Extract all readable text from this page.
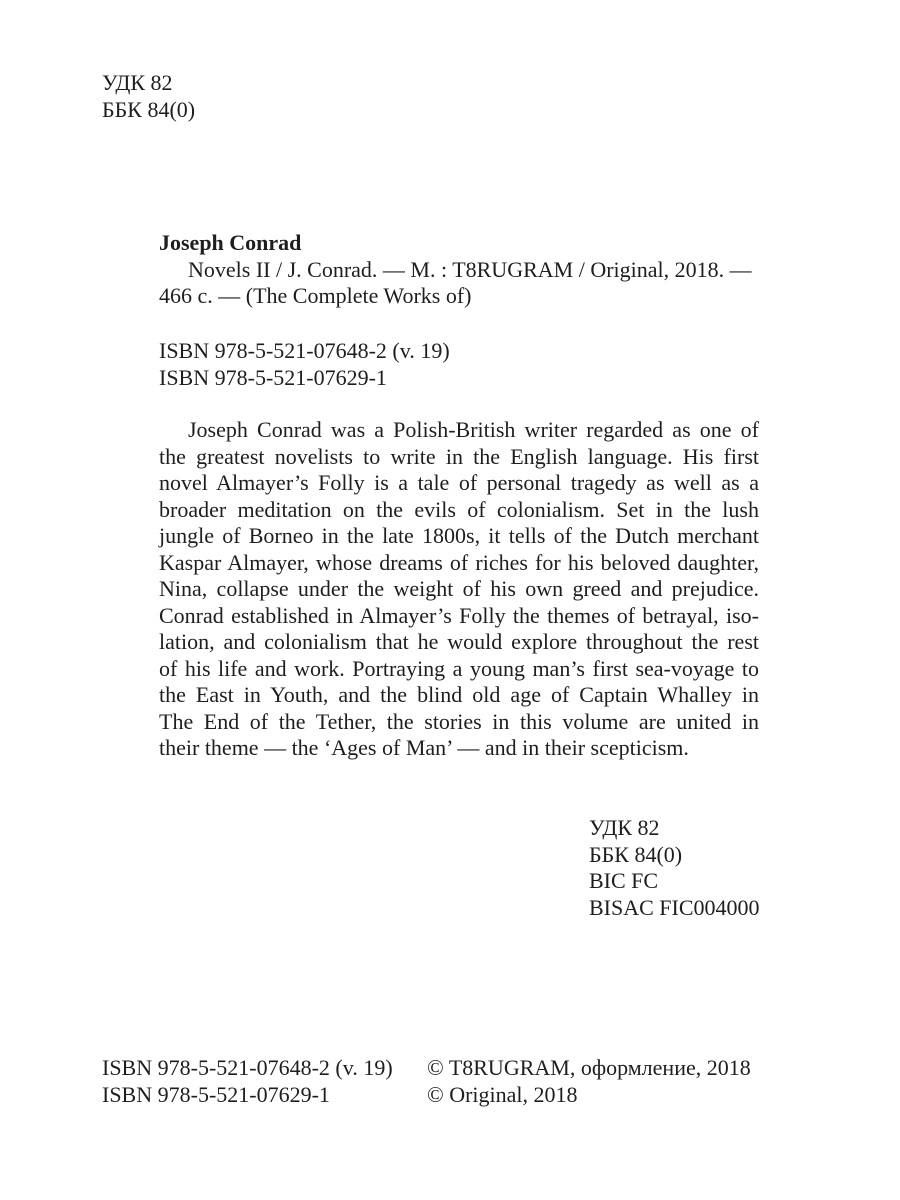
УДК 82
ББК 84(0)
Joseph Conrad
Novels II / J. Conrad. — M. : T8RUGRAM / Original, 2018. —
466 c. — (The Complete Works of)
ISBN 978-5-521-07648-2 (v. 19)
ISBN 978-5-521-07629-1
Joseph Conrad was a Polish-British writer regarded as one of
the greatest novelists to write in the English language. His first
novel Almayer’s Folly is a tale of personal tragedy as well as a
broader meditation on the evils of colonialism. Set in the lush
jungle of Borneo in the late 1800s, it tells of the Dutch merchant
Kaspar Almayer, whose dreams of riches for his beloved daughter,
Nina, collapse under the weight of his own greed and prejudice.
Conrad established in Almayer’s Folly the themes of betrayal, iso-
lation, and colonialism that he would explore throughout the rest
of his life and work. Portraying a young man’s first sea-voyage to
the East in Youth, and the blind old age of Captain Whalley in
The End of the Tether, the stories in this volume are united in
their theme — the ‘Ages of Man’ — and in their scepticism.
УДК 82
ББК 84(0)
BIC FC
BISAC FIC004000
ISBN 978-5-521-07648-2 (v. 19)
ISBN 978-5-521-07629-1
© T8RUGRAM, оформление, 2018
© Original, 2018
